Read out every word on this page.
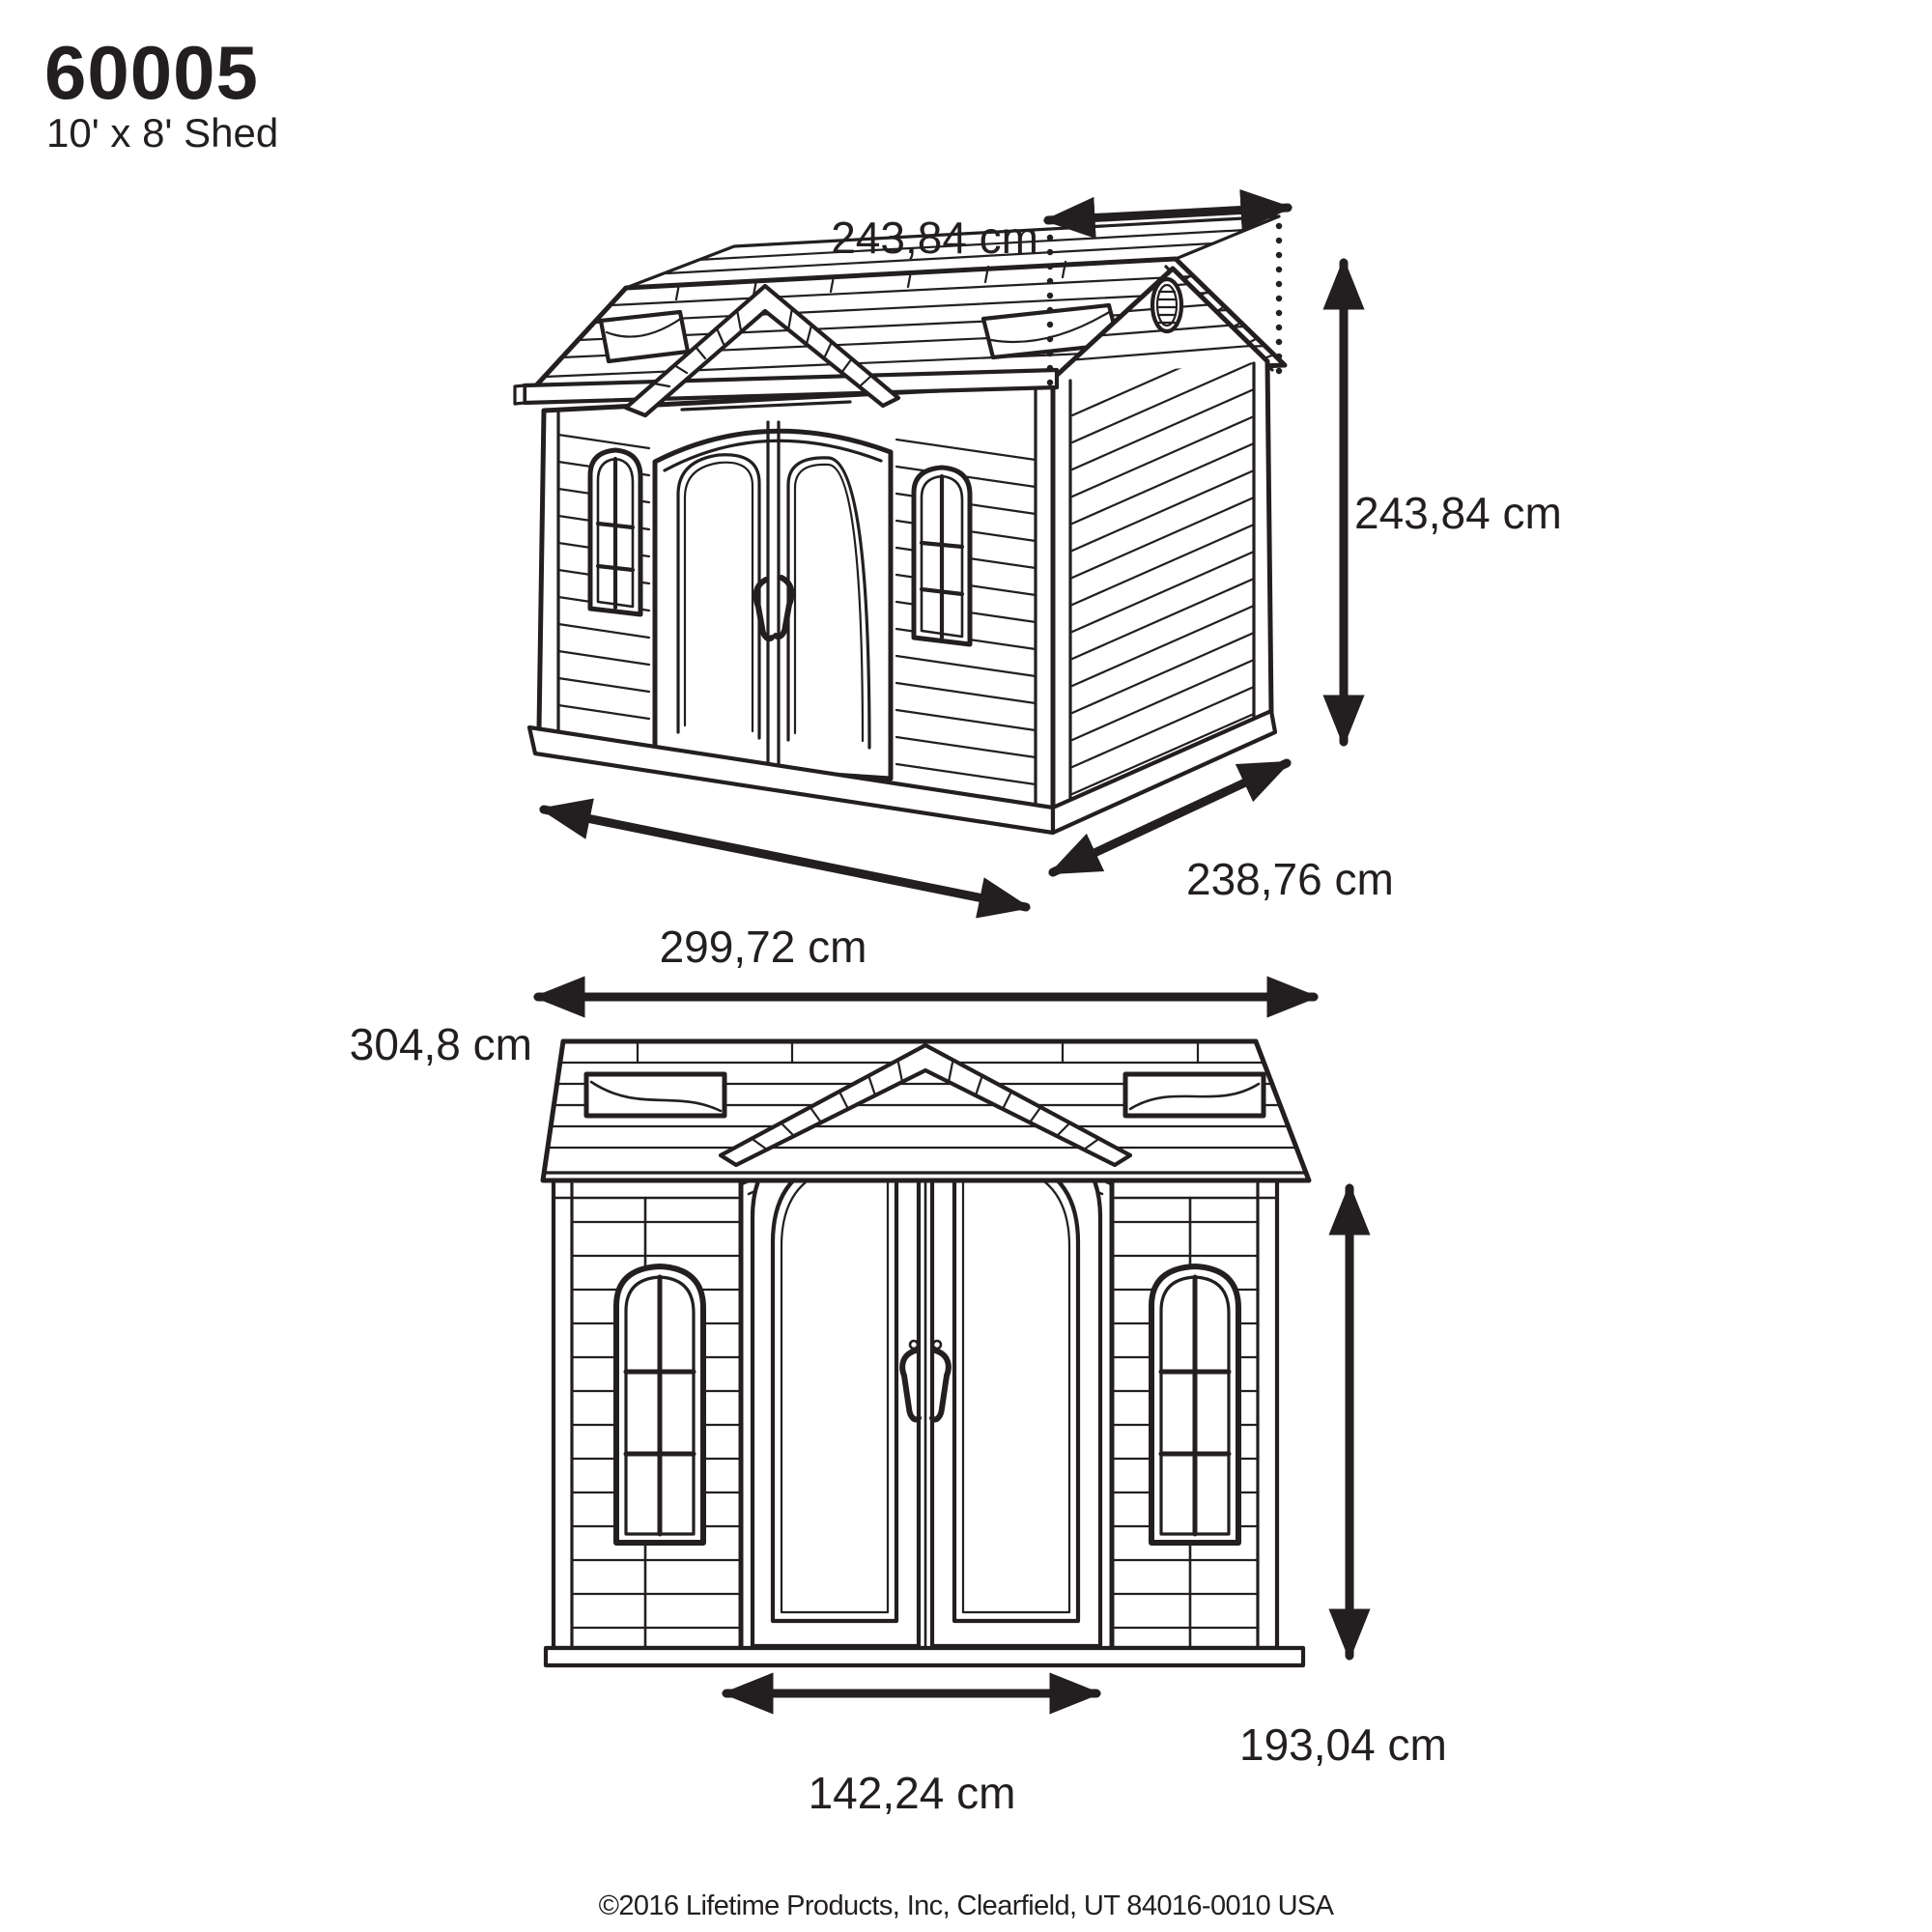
60005
10' x 8' Shed
243,84 cm
243,84 cm
299,72 cm
238,76 cm
304,8 cm
142,24 cm
193,04 cm
©2016 Lifetime Products, Inc, Clearfield, UT 84016-0010 USA
